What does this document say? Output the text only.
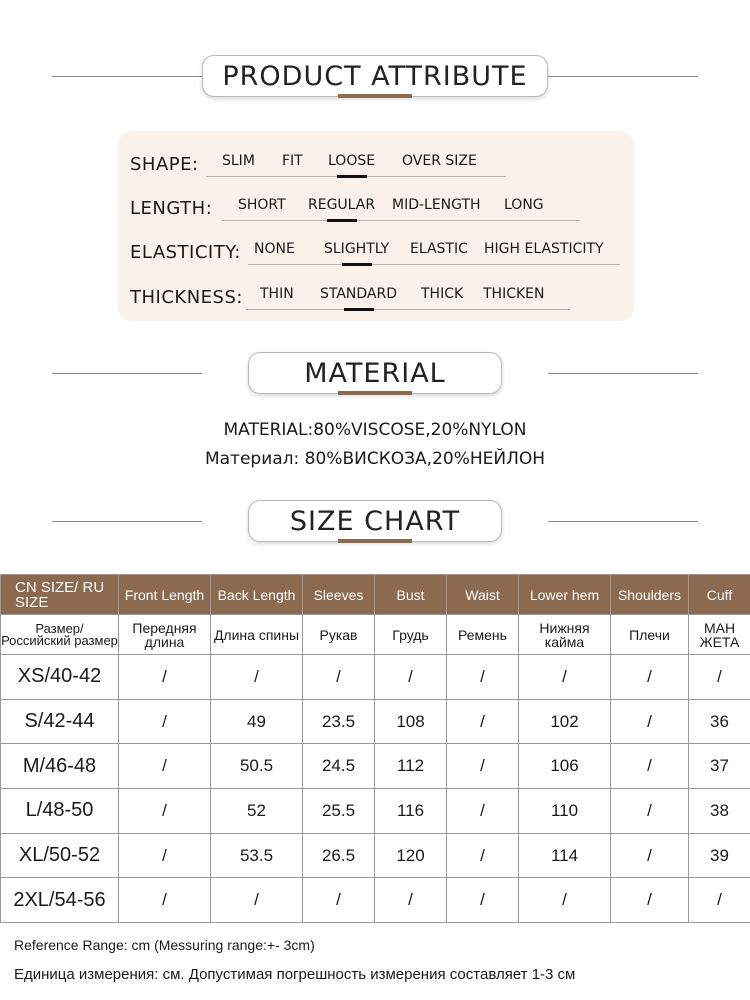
PRODUCT ATTRIBUTE
SHAPE: SLIM FIT LOOSE OVER SIZE
LENGTH: SHORT REGULAR MID-LENGTH LONG
ELASTICITY: NONE SLIGHTLY ELASTIC HIGH ELASTICITY
THICKNESS: THIN STANDARD THICK THICKEN
MATERIAL
MATERIAL:80%VISCOSE,20%NYLON
Материал: 80%ВИСКОЗА,20%НЕЙЛОН
SIZE CHART
CN SIZE/ RU SIZE	Front Length	Back Length	Sleeves	Bust	Waist	Lower hem	Shoulders	Cuff
Размер/ Российский размер	Передняя длина	Длина спины	Рукав	Грудь	Ремень	Нижняя кайма	Плечи	МАН ЖЕТА
XS/40-42	/	/	/	/	/	/	/	/
S/42-44	/	49	23.5	108	/	102	/	36
M/46-48	/	50.5	24.5	112	/	106	/	37
L/48-50	/	52	25.5	116	/	110	/	38
XL/50-52	/	53.5	26.5	120	/	114	/	39
2XL/54-56	/	/	/	/	/	/	/	/
Reference Range: cm (Messuring range:+- 3cm)
Единица измерения: см. Допустимая погрешность измерения составляет 1-3 см
